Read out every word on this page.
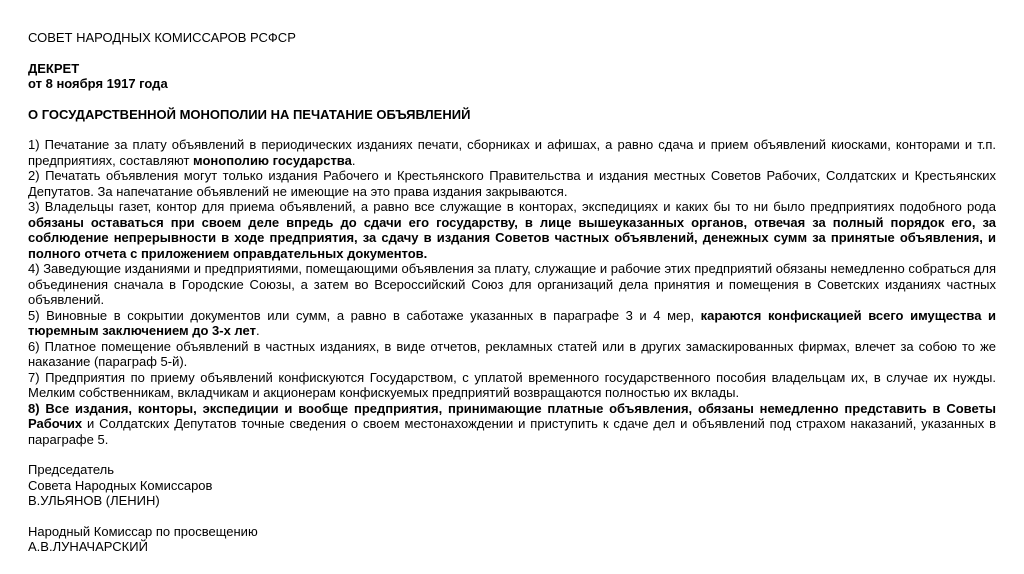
СОВЕТ НАРОДНЫХ КОМИССАРОВ РСФСР
ДЕКРЕТ
от 8 ноября 1917 года
О ГОСУДАРСТВЕННОЙ МОНОПОЛИИ НА ПЕЧАТАНИЕ ОБЪЯВЛЕНИЙ

1) Печатание за плату объявлений в периодических изданиях печати, сборниках и афишах, а равно сдача и прием объявлений киосками, конторами и т.п. предприятиях, составляют монополию государства.

2) Печатать объявления могут только издания Рабочего и Крестьянского Правительства и издания местных Советов Рабочих, Солдатских и Крестьянских Депутатов. За напечатание объявлений не имеющие на это права издания закрываются.

3) Владельцы газет, контор для приема объявлений, а равно все служащие в конторах, экспедициях и каких бы то ни было предприятиях подобного рода обязаны оставаться при своем деле впредь до сдачи его государству, в лице вышеуказанных органов, отвечая за полный порядок его, за соблюдение непрерывности в ходе предприятия, за сдачу в издания Советов частных объявлений, денежных сумм за принятые объявления, и полного отчета с приложением оправдательных документов.

4) Заведующие изданиями и предприятиями, помещающими объявления за плату, служащие и рабочие этих предприятий обязаны немедленно собраться для объединения сначала в Городские Союзы, а затем во Всероссийский Союз для организаций дела принятия и помещения в Советских изданиях частных объявлений.

5) Виновные в сокрытии документов или сумм, а равно в саботаже указанных в параграфе 3 и 4 мер, караются конфискацией всего имущества и тюремным заключением до 3-х лет.

6) Платное помещение объявлений в частных изданиях, в виде отчетов, рекламных статей или в других замаскированных фирмах, влечет за собою то же наказание (параграф 5-й).

7) Предприятия по приему объявлений конфискуются Государством, с уплатой временного государственного пособия владельцам их, в случае их нужды. Мелким собственникам, вкладчикам и акционерам конфискуемых предприятий возвращаются полностью их вклады.

8) Все издания, конторы, экспедиции и вообще предприятия, принимающие платные объявления, обязаны немедленно представить в Советы Рабочих и Солдатских Депутатов точные сведения о своем местонахождении и приступить к сдаче дел и объявлений под страхом наказаний, указанных в параграфе 5.

Председатель
Совета Народных Комиссаров
В.УЛЬЯНОВ (ЛЕНИН)
Народный Комиссар по просвещению
А.В.ЛУНАЧАРСКИЙ
